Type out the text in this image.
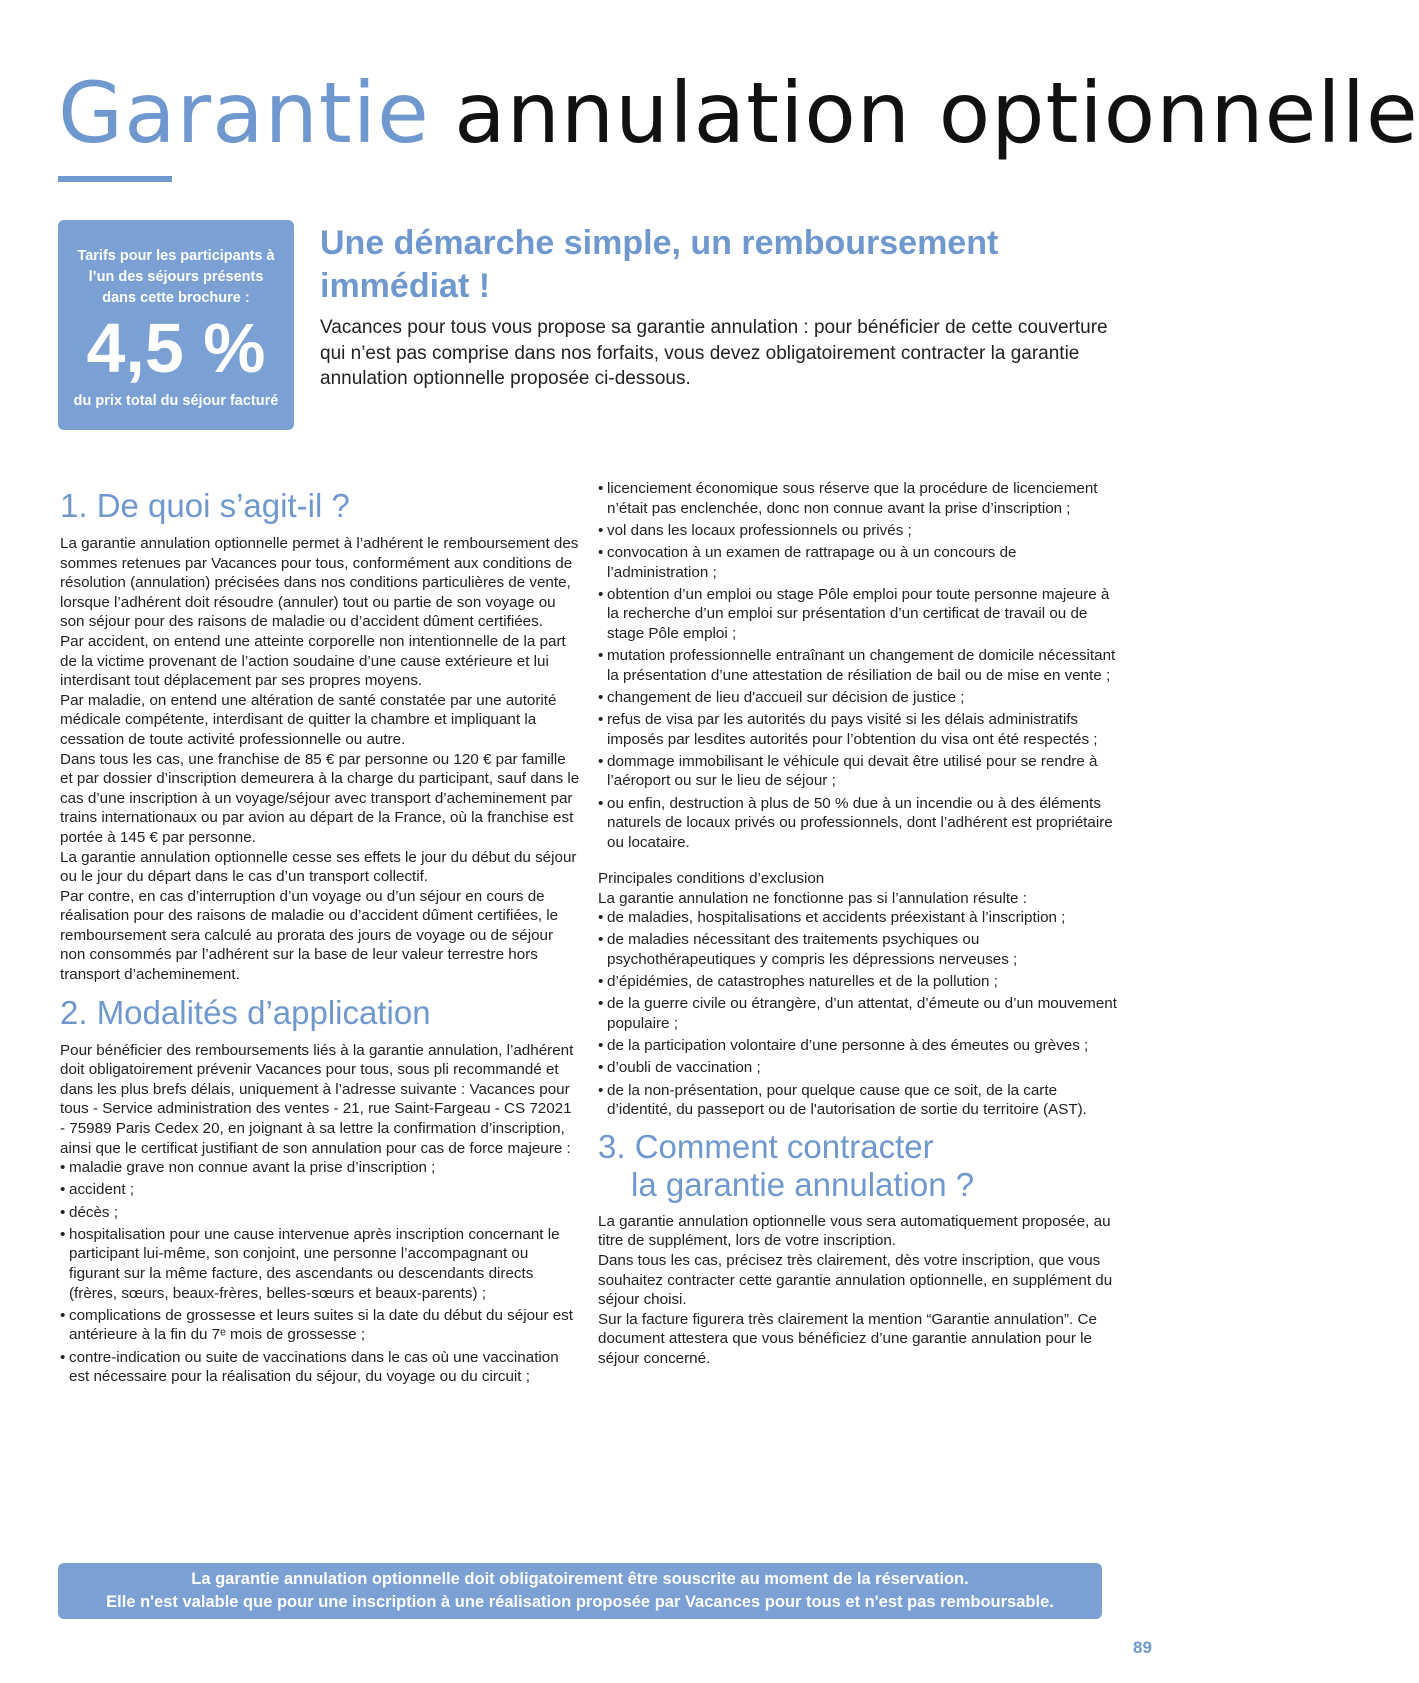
Garantie annulation optionnelle
Tarifs pour les participants à l’un des séjours présents dans cette brochure :
4,5 %
du prix total du séjour facturé
Une démarche simple, un remboursement immédiat !
Vacances pour tous vous propose sa garantie annulation : pour bénéficier de cette couverture qui n’est pas comprise dans nos forfaits, vous devez obligatoirement contracter la garantie annulation optionnelle proposée ci-dessous.
1. De quoi s’agit-il ?

La garantie annulation optionnelle permet à l’adhérent le remboursement des sommes retenues par Vacances pour tous, conformément aux conditions de résolution (annulation) précisées dans nos conditions particulières de vente, lorsque l’adhérent doit résoudre (annuler) tout ou partie de son voyage ou son séjour pour des raisons de maladie ou d’accident dûment certifiées.

Par accident, on entend une atteinte corporelle non intentionnelle de la part de la victime provenant de l’action soudaine d’une cause extérieure et lui interdisant tout déplacement par ses propres moyens.

Par maladie, on entend une altération de santé constatée par une autorité médicale compétente, interdisant de quitter la chambre et impliquant la cessation de toute activité professionnelle ou autre.

Dans tous les cas, une franchise de 85 € par personne ou 120 € par famille et par dossier d’inscription demeurera à la charge du participant, sauf dans le cas d’une inscription à un voyage/séjour avec transport d’acheminement par trains internationaux ou par avion au départ de la France, où la franchise est portée à 145 € par personne.

La garantie annulation optionnelle cesse ses effets le jour du début du séjour ou le jour du départ dans le cas d’un transport collectif.

Par contre, en cas d’interruption d’un voyage ou d’un séjour en cours de réalisation pour des raisons de maladie ou d’accident dûment certifiées, le remboursement sera calculé au prorata des jours de voyage ou de séjour non consommés par l’adhérent sur la base de leur valeur terrestre hors transport d’acheminement.

2. Modalités d’application

Pour bénéficier des remboursements liés à la garantie annulation, l’adhérent doit obligatoirement prévenir Vacances pour tous, sous pli recommandé et dans les plus brefs délais, uniquement à l’adresse suivante : Vacances pour tous - Service administration des ventes - 21, rue Saint-Fargeau - CS 72021 - 75989 Paris Cedex 20, en joignant à sa lettre la confirmation d’inscription, ainsi que le certificat justifiant de son annulation pour cas de force majeure :

• maladie grave non connue avant la prise d’inscription ;
• accident ;
• décès ;
• hospitalisation pour une cause intervenue après inscription concernant le participant lui-même, son conjoint, une personne l’accompagnant ou figurant sur la même facture, des ascendants ou descendants directs (frères, sœurs, beaux-frères, belles-sœurs et beaux-parents) ;
• complications de grossesse et leurs suites si la date du début du séjour est antérieure à la fin du 7ᵉ mois de grossesse ;
• contre-indication ou suite de vaccinations dans le cas où une vaccination est nécessaire pour la réalisation du séjour, du voyage ou du circuit ;
• licenciement économique sous réserve que la procédure de licenciement n’était pas enclenchée, donc non connue avant la prise d’inscription ;
• vol dans les locaux professionnels ou privés ;
• convocation à un examen de rattrapage ou à un concours de l’administration ;
• obtention d’un emploi ou stage Pôle emploi pour toute personne majeure à la recherche d’un emploi sur présentation d’un certificat de travail ou de stage Pôle emploi ;
• mutation professionnelle entraînant un changement de domicile nécessitant la présentation d’une attestation de résiliation de bail ou de mise en vente ;
• changement de lieu d'accueil sur décision de justice ;
• refus de visa par les autorités du pays visité si les délais administratifs imposés par lesdites autorités pour l’obtention du visa ont été respectés ;
• dommage immobilisant le véhicule qui devait être utilisé pour se rendre à l’aéroport ou sur le lieu de séjour ;
• ou enfin, destruction à plus de 50 % due à un incendie ou à des éléments naturels de locaux privés ou professionnels, dont l’adhérent est propriétaire ou locataire.

Principales conditions d’exclusion

La garantie annulation ne fonctionne pas si l’annulation résulte :

• de maladies, hospitalisations et accidents préexistant à l’inscription ;
• de maladies nécessitant des traitements psychiques ou psychothérapeutiques y compris les dépressions nerveuses ;
• d’épidémies, de catastrophes naturelles et de la pollution ;
• de la guerre civile ou étrangère, d’un attentat, d’émeute ou d’un mouvement populaire ;
• de la participation volontaire d’une personne à des émeutes ou grèves ;
• d’oubli de vaccination ;
• de la non-présentation, pour quelque cause que ce soit, de la carte d’identité, du passeport ou de l'autorisation de sortie du territoire (AST).
3. Comment contracter
la garantie annulation ?

La garantie annulation optionnelle vous sera automatiquement proposée, au titre de supplément, lors de votre inscription.

Dans tous les cas, précisez très clairement, dès votre inscription, que vous souhaitez contracter cette garantie annulation optionnelle, en supplément du séjour choisi.

Sur la facture figurera très clairement la mention “Garantie annulation”. Ce document attestera que vous bénéficiez d’une garantie annulation pour le séjour concerné.

La garantie annulation optionnelle doit obligatoirement être souscrite au moment de la réservation.
Elle n'est valable que pour une inscription à une réalisation proposée par Vacances pour tous et n'est pas remboursable.
89
